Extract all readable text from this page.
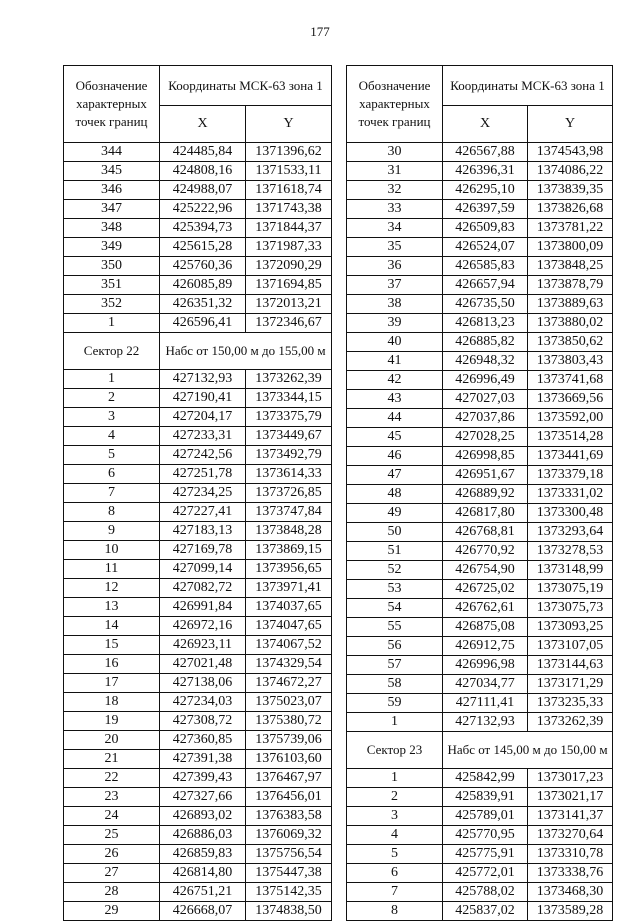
177
Обозначение характерных точек границ	Координаты МСК-63 зона 1	
	X	Y
344	424485,84	1371396,62
345	424808,16	1371533,11
346	424988,07	1371618,74
347	425222,96	1371743,38
348	425394,73	1371844,37
349	425615,28	1371987,33
350	425760,36	1372090,29
351	426085,89	1371694,85
352	426351,32	1372013,21
1	426596,41	1372346,67
Сектор 22	Набс от 150,00 м до 155,00 м	
1	427132,93	1373262,39
2	427190,41	1373344,15
3	427204,17	1373375,79
4	427233,31	1373449,67
5	427242,56	1373492,79
6	427251,78	1373614,33
7	427234,25	1373726,85
8	427227,41	1373747,84
9	427183,13	1373848,28
10	427169,78	1373869,15
11	427099,14	1373956,65
12	427082,72	1373971,41
13	426991,84	1374037,65
14	426972,16	1374047,65
15	426923,11	1374067,52
16	427021,48	1374329,54
17	427138,06	1374672,27
18	427234,03	1375023,07
19	427308,72	1375380,72
20	427360,85	1375739,06
21	427391,38	1376103,60
22	427399,43	1376467,97
23	427327,66	1376456,01
24	426893,02	1376383,58
25	426886,03	1376069,32
26	426859,83	1375756,54
27	426814,80	1375447,38
28	426751,21	1375142,35
29	426668,07	1374838,50
Обозначение характерных точек границ	Координаты МСК-63 зона 1	
	X	Y
30	426567,88	1374543,98
31	426396,31	1374086,22
32	426295,10	1373839,35
33	426397,59	1373826,68
34	426509,83	1373781,22
35	426524,07	1373800,09
36	426585,83	1373848,25
37	426657,94	1373878,79
38	426735,50	1373889,63
39	426813,23	1373880,02
40	426885,82	1373850,62
41	426948,32	1373803,43
42	426996,49	1373741,68
43	427027,03	1373669,56
44	427037,86	1373592,00
45	427028,25	1373514,28
46	426998,85	1373441,69
47	426951,67	1373379,18
48	426889,92	1373331,02
49	426817,80	1373300,48
50	426768,81	1373293,64
51	426770,92	1373278,53
52	426754,90	1373148,99
53	426725,02	1373075,19
54	426762,61	1373075,73
55	426875,08	1373093,25
56	426912,75	1373107,05
57	426996,98	1373144,63
58	427034,77	1373171,29
59	427111,41	1373235,33
1	427132,93	1373262,39
Сектор 23	Набс от 145,00 м до 150,00 м	
1	425842,99	1373017,23
2	425839,91	1373021,17
3	425789,01	1373141,37
4	425770,95	1373270,64
5	425775,91	1373310,78
6	425772,01	1373338,76
7	425788,02	1373468,30
8	425837,02	1373589,28
